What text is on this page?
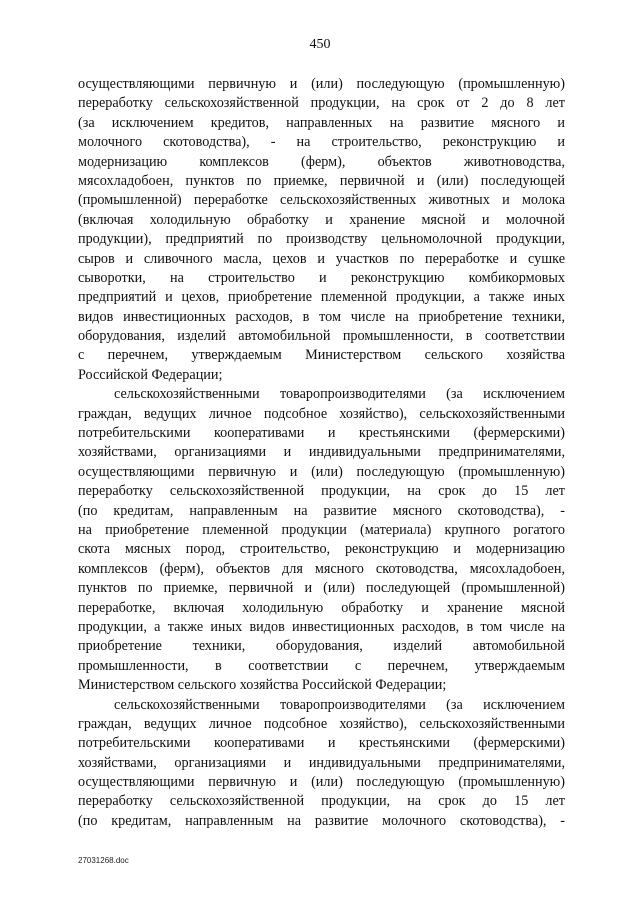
450
осуществляющими первичную и (или) последующую (промышленную)
переработку сельскохозяйственной продукции, на срок от 2 до 8 лет
(за исключением кредитов, направленных на развитие мясного и
молочного скотоводства), - на строительство, реконструкцию и
модернизацию комплексов (ферм), объектов животноводства,
мясохладобоен, пунктов по приемке, первичной и (или) последующей
(промышленной) переработке сельскохозяйственных животных и молока
(включая холодильную обработку и хранение мясной и молочной
продукции), предприятий по производству цельномолочной продукции,
сыров и сливочного масла, цехов и участков по переработке и сушке
сыворотки, на строительство и реконструкцию комбикормовых
предприятий и цехов, приобретение племенной продукции, а также иных
видов инвестиционных расходов, в том числе на приобретение техники,
оборудования, изделий автомобильной промышленности, в соответствии
с перечнем, утверждаемым Министерством сельского хозяйства
Российской Федерации;
сельскохозяйственными товаропроизводителями (за исключением
граждан, ведущих личное подсобное хозяйство), сельскохозяйственными
потребительскими кооперативами и крестьянскими (фермерскими)
хозяйствами, организациями и индивидуальными предпринимателями,
осуществляющими первичную и (или) последующую (промышленную)
переработку сельскохозяйственной продукции, на срок до 15 лет
(по кредитам, направленным на развитие мясного скотоводства), -
на приобретение племенной продукции (материала) крупного рогатого
скота мясных пород, строительство, реконструкцию и модернизацию
комплексов (ферм), объектов для мясного скотоводства, мясохладобоен,
пунктов по приемке, первичной и (или) последующей (промышленной)
переработке, включая холодильную обработку и хранение мясной
продукции, а также иных видов инвестиционных расходов, в том числе на
приобретение техники, оборудования, изделий автомобильной
промышленности, в соответствии с перечнем, утверждаемым
Министерством сельского хозяйства Российской Федерации;
сельскохозяйственными товаропроизводителями (за исключением
граждан, ведущих личное подсобное хозяйство), сельскохозяйственными
потребительскими кооперативами и крестьянскими (фермерскими)
хозяйствами, организациями и индивидуальными предпринимателями,
осуществляющими первичную и (или) последующую (промышленную)
переработку сельскохозяйственной продукции, на срок до 15 лет
(по кредитам, направленным на развитие молочного скотоводства), -
27031268.doc
